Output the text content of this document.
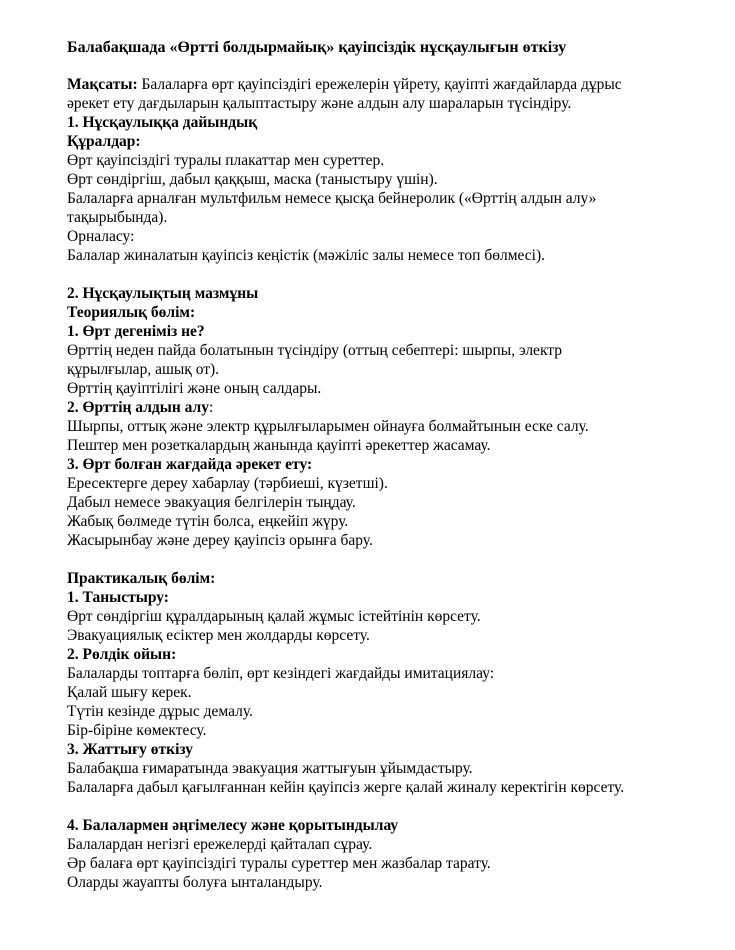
Балабақшада «Өртті болдырмайық» қауіпсіздік нұсқаулығын өткізу
Мақсаты: Балаларға өрт қауіпсіздігі ережелерін үйрету, қауіпті жағдайларда дұрыс
әрекет ету дағдыларын қалыптастыру және алдын алу шараларын түсіндіру.
1. Нұсқаулыққа дайындық
Құралдар:
Өрт қауіпсіздігі туралы плакаттар мен суреттер.
Өрт сөндіргіш, дабыл қаққыш, маска (таныстыру үшін).
Балаларға арналған мультфильм немесе қысқа бейнеролик («Өрттің алдын алу»
тақырыбында).
Орналасу:
Балалар жиналатын қауіпсіз кеңістік (мәжіліс залы немесе топ бөлмесі).
2. Нұсқаулықтың мазмұны
Теориялық бөлім:
1. Өрт дегеніміз не?
Өрттің неден пайда болатынын түсіндіру (оттың себептері: шырпы, электр
құрылғылар, ашық от).
Өрттің қауіптілігі және оның салдары.
2. Өрттің алдын алу:
Шырпы, оттық және электр құрылғыларымен ойнауға болмайтынын еске салу.
Пештер мен розеткалардың жанында қауіпті әрекеттер жасамау.
3. Өрт болған жағдайда әрекет ету:
Ересектерге дереу хабарлау (тәрбиеші, күзетші).
Дабыл немесе эвакуация белгілерін тыңдау.
Жабық бөлмеде түтін болса, еңкейіп жүру.
Жасырынбау және дереу қауіпсіз орынға бару.
Практикалық бөлім:
1. Таныстыру:
Өрт сөндіргіш құралдарының қалай жұмыс істейтінін көрсету.
Эвакуациялық есіктер мен жолдарды көрсету.
2. Рөлдік ойын:
Балаларды топтарға бөліп, өрт кезіндегі жағдайды имитациялау:
Қалай шығу керек.
Түтін кезінде дұрыс демалу.
Бір-біріне көмектесу.
3. Жаттығу өткізу
Балабақша ғимаратында эвакуация жаттығуын ұйымдастыру.
Балаларға дабыл қағылғаннан кейін қауіпсіз жерге қалай жиналу керектігін көрсету.
4. Балалармен әңгімелесу және қорытындылау
Балалардан негізгі ережелерді қайталап сұрау.
Әр балаға өрт қауіпсіздігі туралы суреттер мен жазбалар тарату.
Оларды жауапты болуға ынталандыру.
